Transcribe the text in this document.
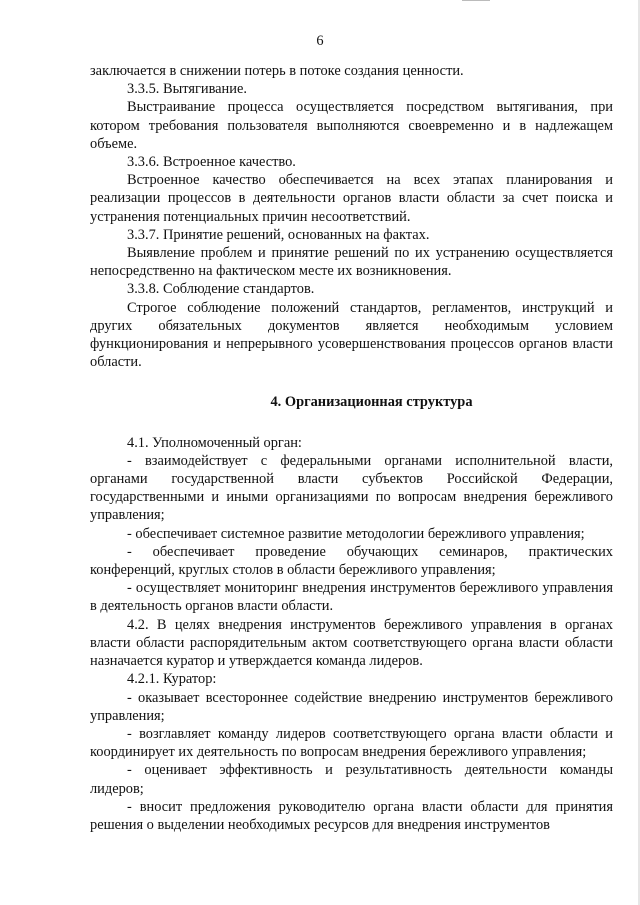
6

заключается в снижении потерь в потоке создания ценности.

3.3.5. Вытягивание.

Выстраивание процесса осуществляется посредством вытягивания, при котором требования пользователя выполняются своевременно и в надлежащем объеме.

3.3.6. Встроенное качество.

Встроенное качество обеспечивается на всех этапах планирования и реализации процессов в деятельности органов власти области за счет поиска и устранения потенциальных причин несоответствий.

3.3.7. Принятие решений, основанных на фактах.

Выявление проблем и принятие решений по их устранению осуществляется непосредственно на фактическом месте их возникновения.

3.3.8. Соблюдение стандартов.

Строгое соблюдение положений стандартов, регламентов, инструкций и других обязательных документов является необходимым условием функционирования и непрерывного усовершенствования процессов органов власти области.

4. Организационная структура

4.1. Уполномоченный орган:

- взаимодействует с федеральными органами исполнительной власти, органами государственной власти субъектов Российской Федерации, государственными и иными организациями по вопросам внедрения бережливого управления;

- обеспечивает системное развитие методологии бережливого управления;

- обеспечивает проведение обучающих семинаров, практических конференций, круглых столов в области бережливого управления;

- осуществляет мониторинг внедрения инструментов бережливого управления в деятельность органов власти области.

4.2. В целях внедрения инструментов бережливого управления в органах власти области распорядительным актом соответствующего органа власти области назначается куратор и утверждается команда лидеров.

4.2.1. Куратор:

- оказывает всестороннее содействие внедрению инструментов бережливого управления;

- возглавляет команду лидеров соответствующего органа власти области и координирует их деятельность по вопросам внедрения бережливого управления;

- оценивает эффективность и результативность деятельности команды лидеров;

- вносит предложения руководителю органа власти области для принятия решения о выделении необходимых ресурсов для внедрения инструментов
